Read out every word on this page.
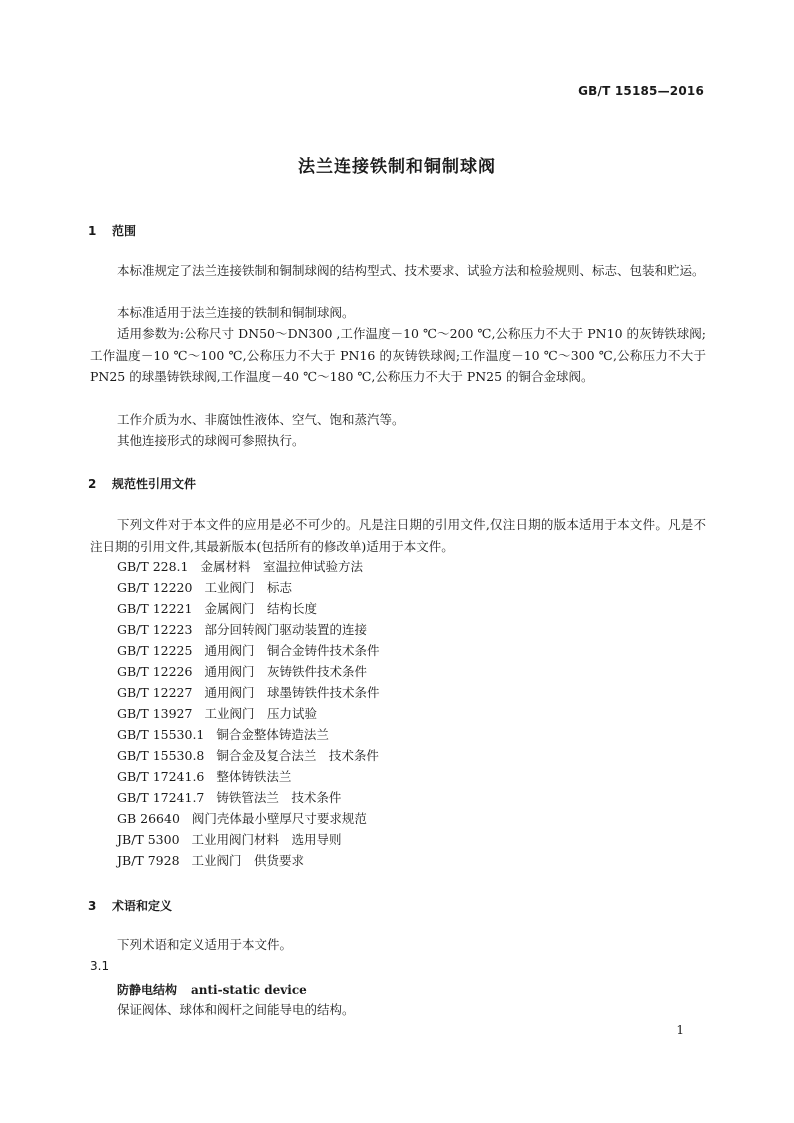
GB/T 15185—2016
法兰连接铁制和铜制球阀
1 范围
本标准规定了法兰连接铁制和铜制球阀的结构型式、技术要求、试验方法和检验规则、标志、包装和贮运。
本标准适用于法兰连接的铁制和铜制球阀。
适用参数为:公称尺寸 DN50～DN300 ,工作温度－10 ℃～200 ℃,公称压力不大于 PN10 的灰铸铁球阀;工作温度－10 ℃～100 ℃,公称压力不大于 PN16 的灰铸铁球阀;工作温度－10 ℃～300 ℃,公称压力不大于 PN25 的球墨铸铁球阀,工作温度－40 ℃～180 ℃,公称压力不大于 PN25 的铜合金球阀。
工作介质为水、非腐蚀性液体、空气、饱和蒸汽等。
其他连接形式的球阀可参照执行。
2 规范性引用文件
下列文件对于本文件的应用是必不可少的。凡是注日期的引用文件,仅注日期的版本适用于本文件。凡是不注日期的引用文件,其最新版本(包括所有的修改单)适用于本文件。
GB/T 228.1 金属材料　室温拉伸试验方法
GB/T 12220 工业阀门　标志
GB/T 12221 金属阀门　结构长度
GB/T 12223 部分回转阀门驱动装置的连接
GB/T 12225 通用阀门　铜合金铸件技术条件
GB/T 12226 通用阀门　灰铸铁件技术条件
GB/T 12227 通用阀门　球墨铸铁件技术条件
GB/T 13927 工业阀门　压力试验
GB/T 15530.1 铜合金整体铸造法兰
GB/T 15530.8 铜合金及复合法兰　技术条件
GB/T 17241.6 整体铸铁法兰
GB/T 17241.7 铸铁管法兰　技术条件
GB 26640 阀门壳体最小壁厚尺寸要求规范
JB/T 5300 工业用阀门材料　选用导则
JB/T 7928 工业阀门　供货要求
3 术语和定义
下列术语和定义适用于本文件。
3.1
防静电结构 anti-static device
保证阀体、球体和阀杆之间能导电的结构。
1
